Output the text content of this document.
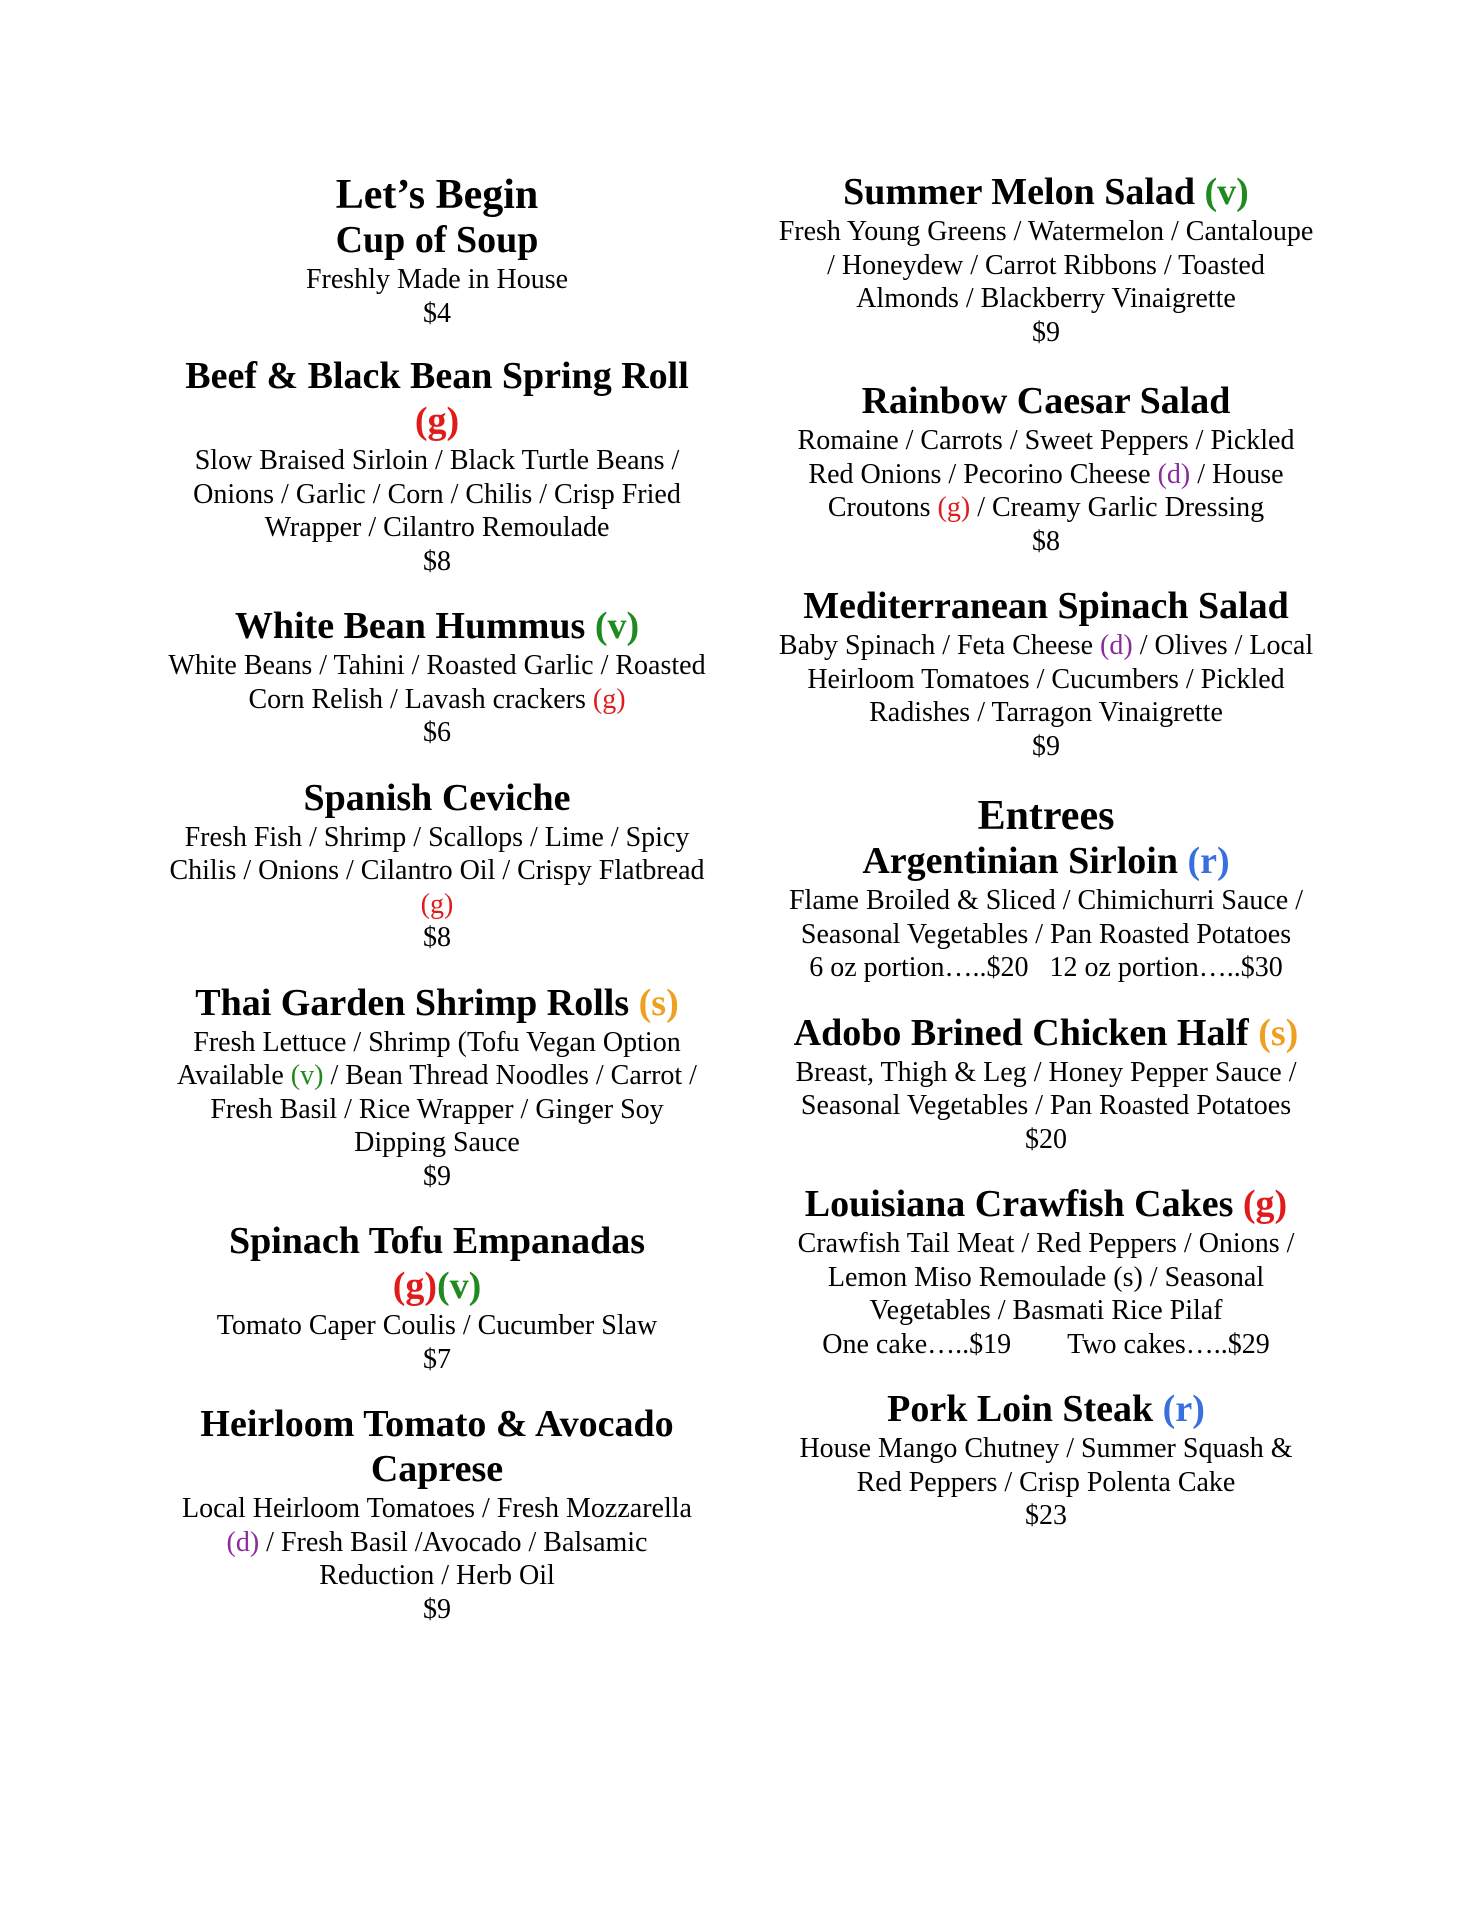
Let’s Begin
Cup of Soup
Freshly Made in House
$4
Beef & Black Bean Spring Roll
(g)
Slow Braised Sirloin / Black Turtle Beans / Onions / Garlic / Corn / Chilis / Crisp Fried Wrapper / Cilantro Remoulade
$8
White Bean Hummus (v)
White Beans / Tahini / Roasted Garlic / Roasted Corn Relish / Lavash crackers (g)
$6
Spanish Ceviche
Fresh Fish / Shrimp / Scallops / Lime / Spicy Chilis / Onions / Cilantro Oil / Crispy Flatbread (g)
$8
Thai Garden Shrimp Rolls (s)
Fresh Lettuce / Shrimp (Tofu Vegan Option Available (v) / Bean Thread Noodles / Carrot / Fresh Basil / Rice Wrapper / Ginger Soy Dipping Sauce
$9
Spinach Tofu Empanadas
(g)(v)
Tomato Caper Coulis / Cucumber Slaw
$7
Heirloom Tomato & Avocado Caprese
Local Heirloom Tomatoes / Fresh Mozzarella (d) / Fresh Basil /Avocado / Balsamic Reduction / Herb Oil
$9
Summer Melon Salad (v)
Fresh Young Greens / Watermelon / Cantaloupe / Honeydew / Carrot Ribbons / Toasted Almonds / Blackberry Vinaigrette
$9
Rainbow Caesar Salad
Romaine / Carrots / Sweet Peppers / Pickled Red Onions / Pecorino Cheese (d) / House Croutons (g) / Creamy Garlic Dressing
$8
Mediterranean Spinach Salad
Baby Spinach / Feta Cheese (d) / Olives / Local Heirloom Tomatoes / Cucumbers / Pickled Radishes / Tarragon Vinaigrette
$9
Entrees
Argentinian Sirloin (r)
Flame Broiled & Sliced / Chimichurri Sauce / Seasonal Vegetables / Pan Roasted Potatoes
6 oz portion…..$20   12 oz portion…..$30
Adobo Brined Chicken Half (s)
Breast, Thigh & Leg / Honey Pepper Sauce / Seasonal Vegetables / Pan Roasted Potatoes
$20
Louisiana Crawfish Cakes (g)
Crawfish Tail Meat / Red Peppers / Onions / Lemon Miso Remoulade (s) / Seasonal Vegetables / Basmati Rice Pilaf
One cake…..$19        Two cakes…..$29
Pork Loin Steak (r)
House Mango Chutney / Summer Squash & Red Peppers / Crisp Polenta Cake
$23
